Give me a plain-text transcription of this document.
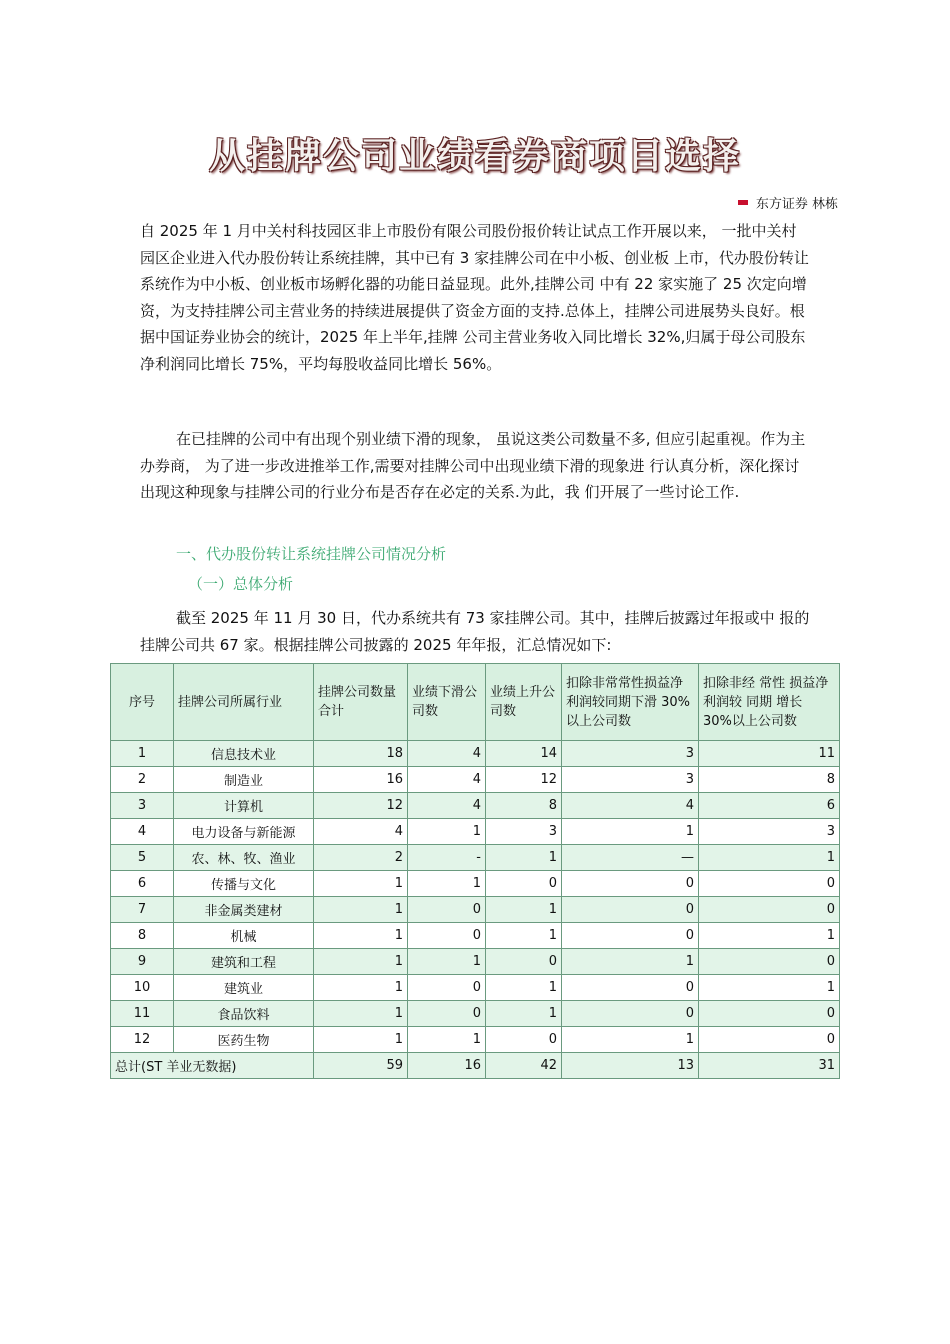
从挂牌公司业绩看券商项目选择
东方证券 林栋
自 2025 年 1 月中关村科技园区非上市股份有限公司股份报价转让试点工作开展以来， 一批中关村园区企业进入代办股份转让系统挂牌，其中已有 3 家挂牌公司在中小板、创业板 上市，代办股份转让系统作为中小板、创业板市场孵化器的功能日益显现。此外,挂牌公司 中有 22 家实施了 25 次定向增资，为支持挂牌公司主营业务的持续进展提供了资金方面的支持.总体上，挂牌公司进展势头良好。根据中国证券业协会的统计，2025 年上半年,挂牌 公司主营业务收入同比增长 32%,归属于母公司股东净利润同比增长 75%，平均每股收益同比增长 56%。
在已挂牌的公司中有出现个别业绩下滑的现象， 虽说这类公司数量不多, 但应引起重视。作为主办券商， 为了进一步改进推举工作,需要对挂牌公司中出现业绩下滑的现象进 行认真分析，深化探讨出现这种现象与挂牌公司的行业分布是否存在必定的关系.为此，我 们开展了一些讨论工作.
一、代办股份转让系统挂牌公司情况分析
（一）总体分析
截至 2025 年 11 月 30 日，代办系统共有 73 家挂牌公司。其中，挂牌后披露过年报或中 报的挂牌公司共 67 家。根据挂牌公司披露的 2025 年年报，汇总情况如下:
序号	挂牌公司所属行业	挂牌公司数量合计	业绩下滑公司数	业绩上升公司数	扣除非常常性损益净利润较同期下滑 30%以上公司数	扣除非经 常性 损益净利润较 同期 增长 30%以上公司数
1	信息技术业	18	4	14	3	11
2	制造业	16	4	12	3	8
3	计算机	12	4	8	4	6
4	电力设备与新能源	4	1	3	1	3
5	农、林、牧、渔业	2	-	1	—	1
6	传播与文化	1	1	0	0	0
7	非金属类建材	1	0	1	0	0
8	机械	1	0	1	0	1
9	建筑和工程	1	1	0	1	0
10	建筑业	1	0	1	0	1
11	食品饮料	1	0	1	0	0
12	医药生物	1	1	0	1	0
总计(ST 羊业无数据)		59	16	42	13	31
